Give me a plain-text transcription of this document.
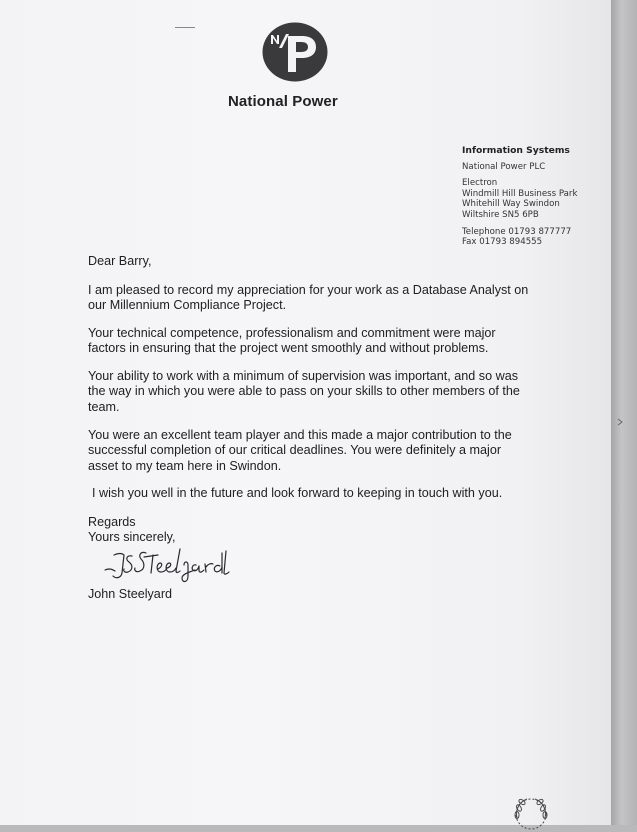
National Power
Information Systems
National Power PLC
Electron
Windmill Hill Business Park
Whitehill Way Swindon
Wiltshire SN5 6PB
Telephone 01793 877777
Fax 01793 894555
Dear Barry,
I am pleased to record my appreciation for your work as a Database Analyst on our Millennium Compliance Project.
Your technical competence, professionalism and commitment were major factors in ensuring that the project went smoothly and without problems.
Your ability to work with a minimum of supervision was important, and so was the way in which you were able to pass on your skills to other members of the team.
You were an excellent team player and this made a major contribution to the successful completion of our critical deadlines. You were definitely a major asset to my team here in Swindon.
I wish you well in the future and look forward to keeping in touch with you.
Regards
Yours sincerely,
John Steelyard
